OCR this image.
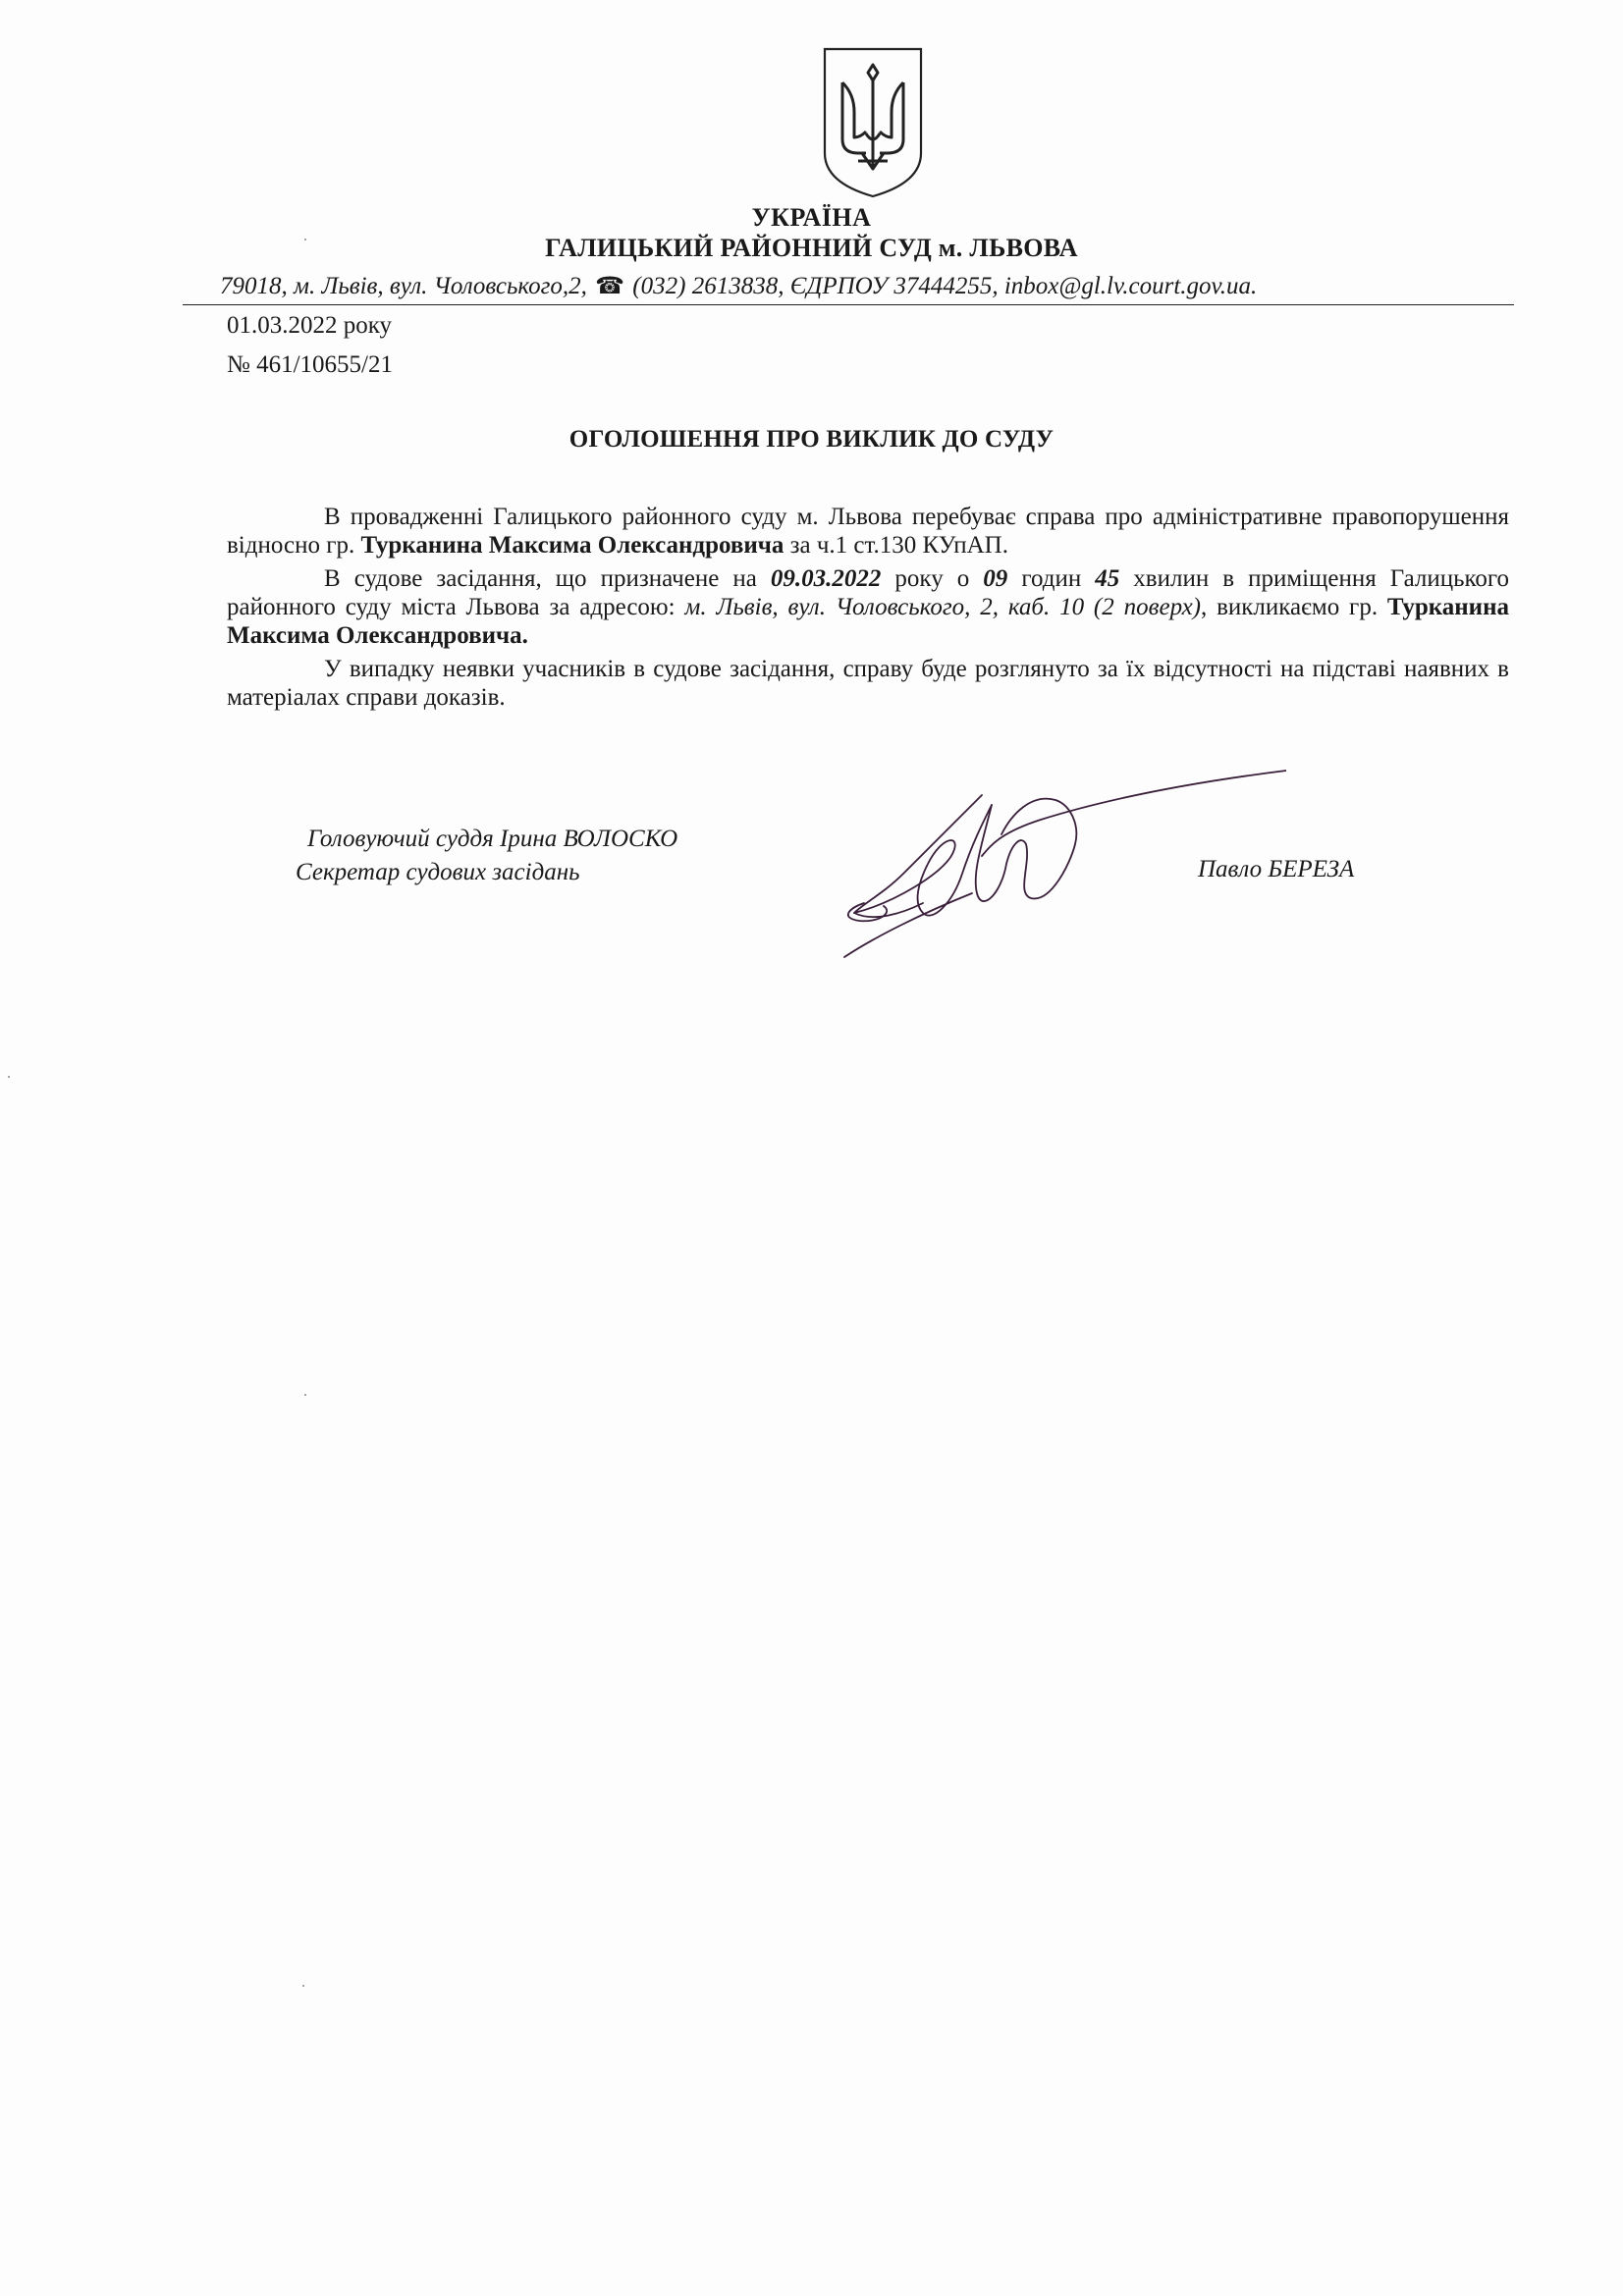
УКРАЇНА
ГАЛИЦЬКИЙ РАЙОННИЙ СУД м. ЛЬВОВА
79018, м. Львів, вул. Чоловського,2, ☎ (032) 2613838, ЄДРПОУ 37444255, inbox@gl.lv.court.gov.ua.
01.03.2022 року
№ 461/10655/21
ОГОЛОШЕННЯ ПРО ВИКЛИК ДО СУДУ

В провадженні Галицького районного суду м. Львова перебуває справа про адміністративне правопорушення відносно гр. Турканина Максима Олександровича за ч.1 ст.130 КУпАП.

В судове засідання, що призначене на 09.03.2022 року о 09 годин 45 хвилин в приміщення Галицького районного суду міста Львова за адресою: м. Львів, вул. Чоловського, 2, каб. 10 (2 поверх), викликаємо гр. Турканина Максима Олександровича.

У випадку неявки учасників в судове засідання, справу буде розглянуто за їх відсутності на підставі наявних в матеріалах справи доказів.

Головуючий суддя Ірина ВОЛОСКО
Секретар судових засідань	Павло БЕРЕЗА
